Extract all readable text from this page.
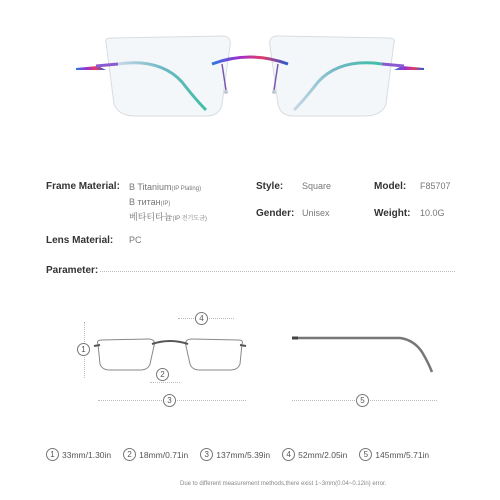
Frame Material: B Titanium(IP Plating)
B титан(IP)
베타티타늄(IP 전기도금)
Style: Square	Model: F85707
Gender: Unisex	Weight: 10.0G
Lens Material: PC
Parameter:
4
1
2
3	5
1 33mm/1.30in	2 18mm/0.71in	3 137mm/5.39in	4 52mm/2.05in	5 145mm/5.71in
Due to different measurement methods,there exist 1~3mm(0.04~0.12in) error.
